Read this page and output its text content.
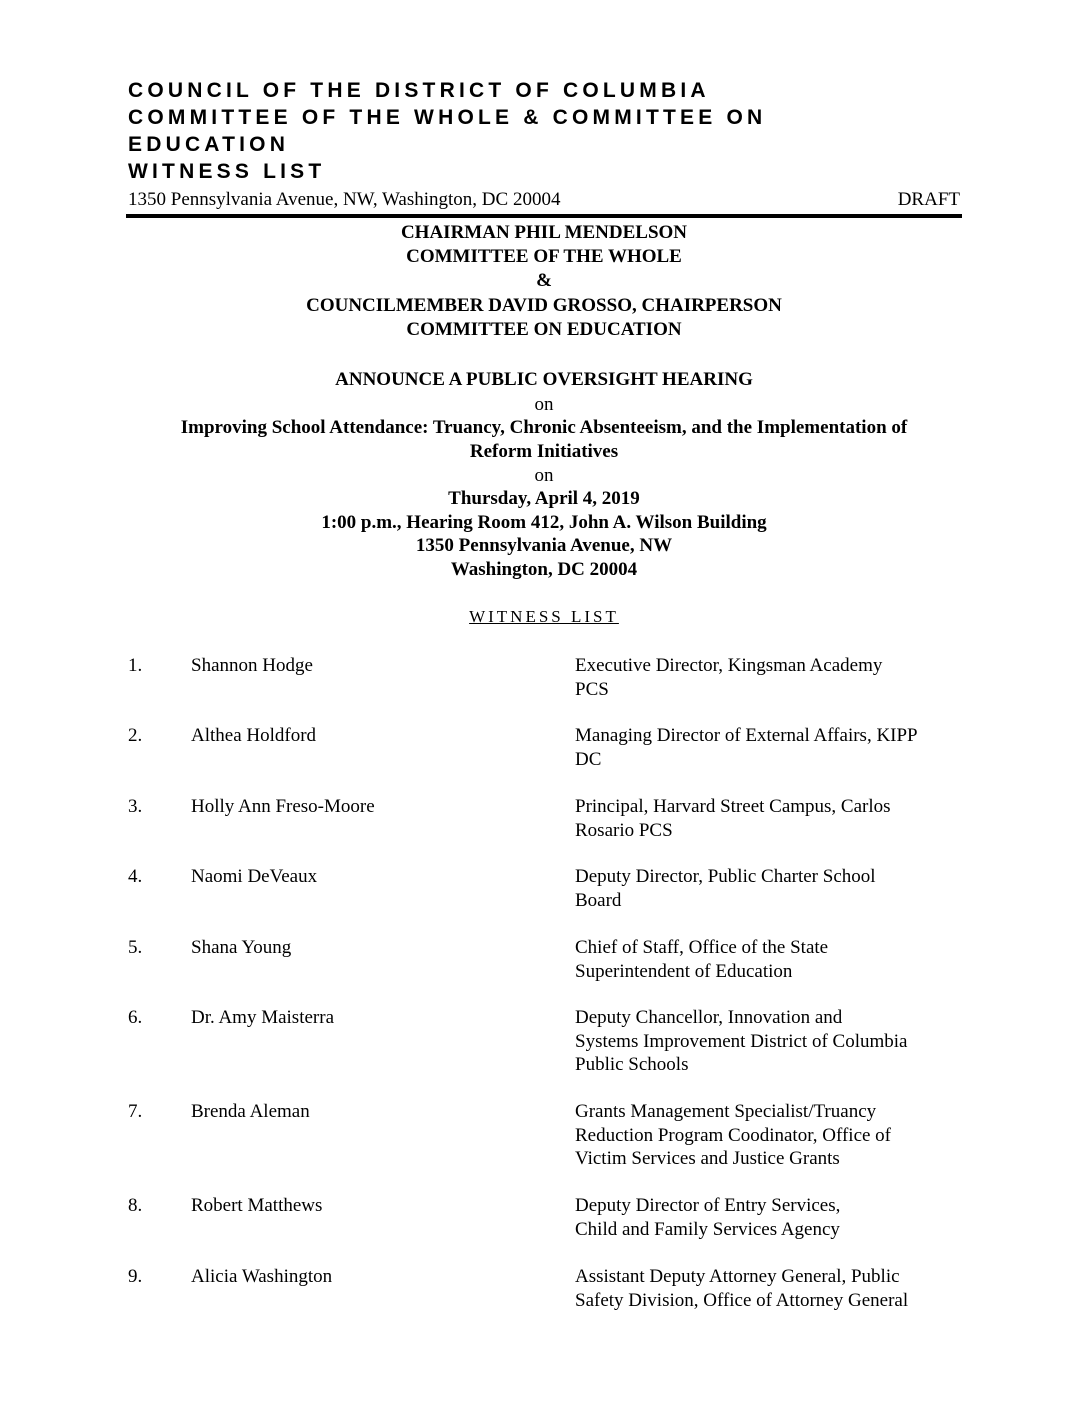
COUNCIL OF THE DISTRICT OF COLUMBIA
COMMITTEE OF THE WHOLE & COMMITTEE ON
EDUCATION
WITNESS LIST
1350 Pennsylvania Avenue, NW, Washington, DC 20004	DRAFT
CHAIRMAN PHIL MENDELSON
COMMITTEE OF THE WHOLE
&
COUNCILMEMBER DAVID GROSSO, CHAIRPERSON
COMMITTEE ON EDUCATION
ANNOUNCE A PUBLIC OVERSIGHT HEARING
on
Improving School Attendance: Truancy, Chronic Absenteeism, and the Implementation of
Reform Initiatives
on
Thursday, April 4, 2019
1:00 p.m., Hearing Room 412, John A. Wilson Building
1350 Pennsylvania Avenue, NW
Washington, DC 20004
WITNESS LIST
1.	Shannon Hodge	Executive Director, Kingsman Academy
PCS
2.	Althea Holdford	Managing Director of External Affairs, KIPP
DC
3.	Holly Ann Freso-Moore	Principal, Harvard Street Campus, Carlos
Rosario PCS
4.	Naomi DeVeaux	Deputy Director, Public Charter School
Board
5.	Shana Young	Chief of Staff, Office of the State
Superintendent of Education
6.	Dr. Amy Maisterra	Deputy Chancellor, Innovation and
Systems Improvement District of Columbia
Public Schools
7.	Brenda Aleman	Grants Management Specialist/Truancy
Reduction Program Coodinator, Office of
Victim Services and Justice Grants
8.	Robert Matthews	Deputy Director of Entry Services,
Child and Family Services Agency
9.	Alicia Washington	Assistant Deputy Attorney General, Public
Safety Division, Office of Attorney General
